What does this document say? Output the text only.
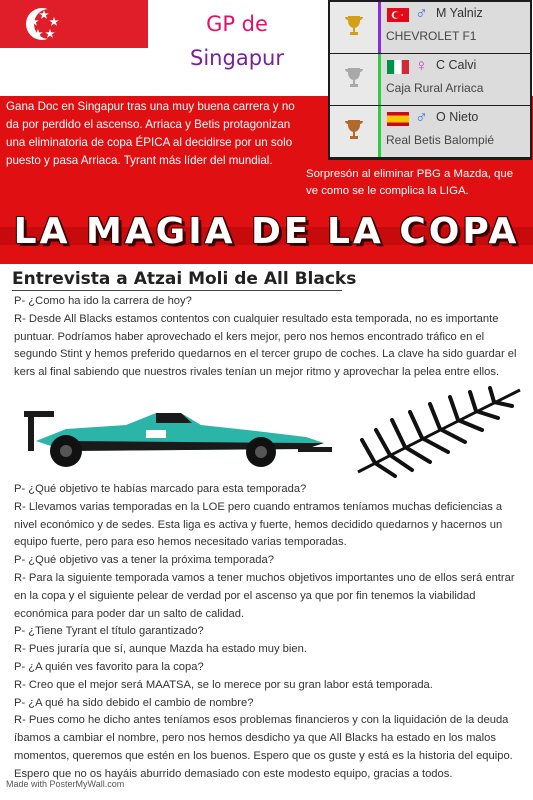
GP de
Singapur
Gana Doc en Singapur tras una muy buena carrera y no da por perdido el ascenso. Arriaca y Betis protagonizan una eliminatoria de copa ÉPICA al decidirse por un solo puesto y pasa Arriaca. Tyrant más líder del mundial.
Sorpresón al eliminar PBG a Mazda, que ve como se le complica la LIGA.
♂ M Yalniz
CHEVROLET F1
♀ C Calvi
Caja Rural Arriaca
♂ O Nieto
Real Betis Balompié
LA MAGIA DE LA COPA
Entrevista a Atzai Moli de All Blacks

P- ¿Como ha ido la carrera de hoy?
R- Desde All Blacks estamos contentos con cualquier resultado esta temporada, no es importante puntuar. Podríamos haber aprovechado el kers mejor, pero nos hemos encontrado tráfico en el segundo Stint y hemos preferido quedarnos en el tercer grupo de coches. La clave ha sido guardar el kers al final sabiendo que nuestros rivales tenían un mejor ritmo y aprovechar la pelea entre ellos.

1

P- ¿Qué objetivo te habías marcado para esta temporada?
R- Llevamos varias temporadas en la LOE pero cuando entramos teníamos muchas deficiencias a nivel económico y de sedes. Esta liga es activa y fuerte, hemos decidido quedarnos y hacernos un equipo fuerte, pero para eso hemos necesitado varias temporadas.
P- ¿Qué objetivo vas a tener la próxima temporada?
R- Para la siguiente temporada vamos a tener muchos objetivos importantes uno de ellos será entrar en la copa y el siguiente pelear de verdad por el ascenso ya que por fin tenemos la viabilidad económica para poder dar un salto de calidad.
P- ¿Tiene Tyrant el título garantizado?
R- Pues juraría que sí, aunque Mazda ha estado muy bien.
P- ¿A quién ves favorito para la copa?
R- Creo que el mejor será MAATSA, se lo merece por su gran labor está temporada.
P- ¿A qué ha sido debido el cambio de nombre?
R- Pues como he dicho antes teníamos esos problemas financieros y con la liquidación de la deuda íbamos a cambiar el nombre, pero nos hemos desdicho ya que All Blacks ha estado en los malos momentos, queremos que estén en los buenos. Espero que os guste y está es la historia del equipo. Espero que no os hayáis aburrido demasiado con este modesto equipo, gracias a todos.

Made with PosterMyWall.com
